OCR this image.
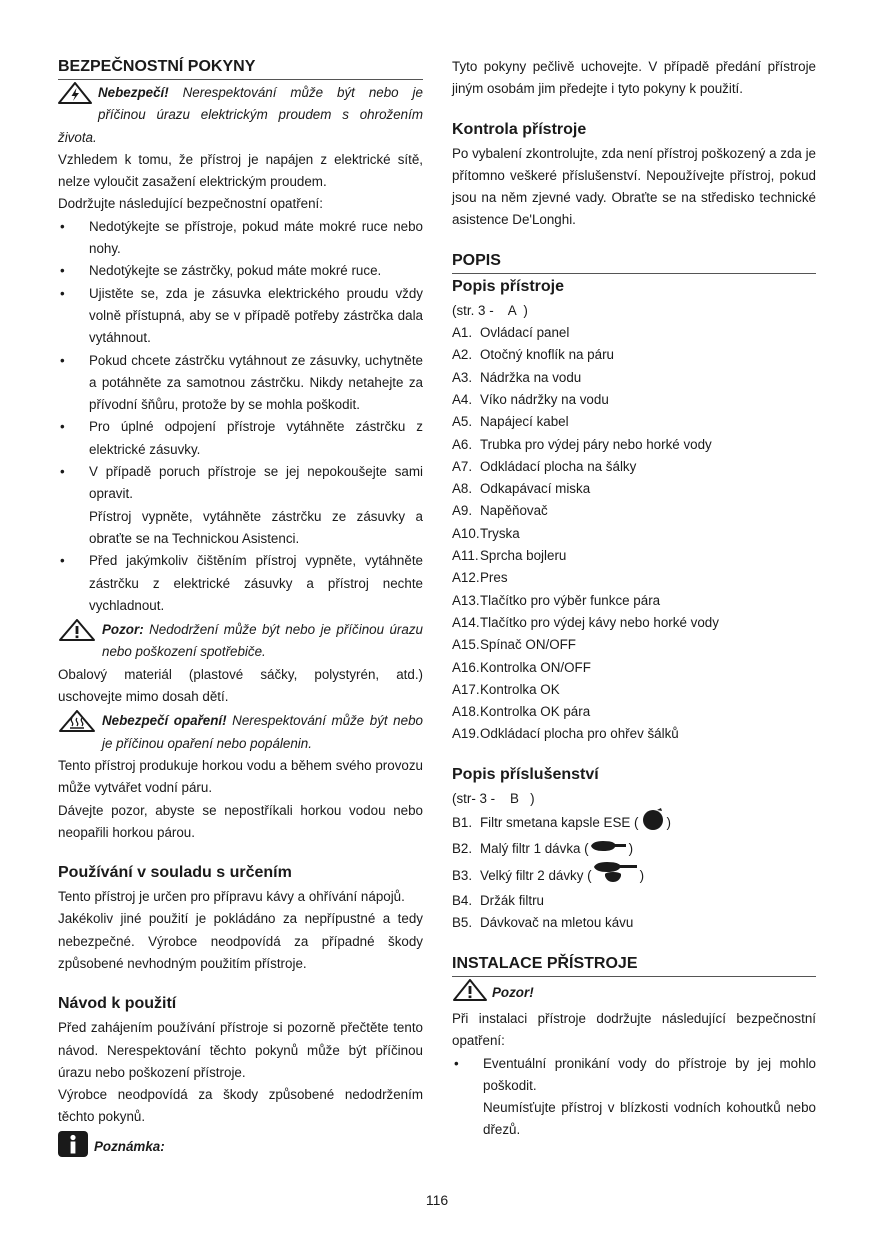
BEZPEČNOSTNÍ POKYNY

Nebezpečí! Nerespektování může být nebo je příčinou úrazu elektrickým proudem s ohrožením života.

Vzhledem k tomu, že přístroj je napájen z elektrické sítě, nelze vyloučit zasažení elektrickým proudem.

Dodržujte následující bezpečnostní opatření:

• Nedotýkejte se přístroje, pokud máte mokré ruce nebo nohy.
• Nedotýkejte se zástrčky, pokud máte mokré ruce.
• Ujistěte se, zda je zásuvka elektrického proudu vždy volně přístupná, aby se v případě potřeby zástrčka dala vytáhnout.
• Pokud chcete zástrčku vytáhnout ze zásuvky, uchytněte a potáhněte za samotnou zástrčku. Nikdy netahejte za přívodní šňůru, protože by se mohla poškodit.
• Pro úplné odpojení přístroje vytáhněte zástrčku z elektrické zásuvky.
• V případě poruch přístroje se jej nepokoušejte sami opravit.
Přístroj vypněte, vytáhněte zástrčku ze zásuvky a obraťte se na Technickou Asistenci.
• Před jakýmkoliv čištěním přístroj vypněte, vytáhněte zástrčku z elektrické zásuvky a přístroj nechte vychladnout.

Pozor: Nedodržení může být nebo je příčinou úrazu nebo poškození spotřebiče.

Obalový materiál (plastové sáčky, polystyrén, atd.) uschovejte mimo dosah dětí.

Nebezpečí opaření! Nerespektování může být nebo je příčinou opaření nebo popálenin.

Tento přístroj produkuje horkou vodu a během svého provozu může vytvářet vodní páru.

Dávejte pozor, abyste se nepostříkali horkou vodou nebo neopařili horkou párou.

Používání v souladu s určením

Tento přístroj je určen pro přípravu kávy a ohřívání nápojů.

Jakékoliv jiné použití je pokládáno za nepřípustné a tedy nebezpečné. Výrobce neodpovídá za případné škody způsobené nevhodným použitím přístroje.

Návod k použití

Před zahájením používání přístroje si pozorně přečtěte tento návod. Nerespektování těchto pokynů může být příčinou úrazu nebo poškození přístroje.

Výrobce neodpovídá za škody způsobené nedodržením těchto pokynů.

Poznámka:

Tyto pokyny pečlivě uchovejte. V případě předání přístroje jiným osobám jim předejte i tyto pokyny k použití.

Kontrola přístroje

Po vybalení zkontrolujte, zda není přístroj poškozený a zda je přítomno veškeré příslušenství. Nepoužívejte přístroj, pokud jsou na něm zjevné vady. Obraťte se na středisko technické asistence De'Longhi.

POPIS
Popis přístroje
(str. 3 -    A  )
A1. Ovládací panel
A2. Otočný knoflík na páru
A3. Nádržka na vodu
A4. Víko nádržky na vodu
A5. Napájecí kabel
A6. Trubka pro výdej páry nebo horké vody
A7. Odkládací plocha na šálky
A8. Odkapávací miska
A9. Napěňovač
A10. Tryska
A11. Sprcha bojleru
A12. Pres
A13. Tlačítko pro výběr funkce pára
A14. Tlačítko pro výdej kávy nebo horké vody
A15. Spínač ON/OFF
A16. Kontrolka ON/OFF
A17. Kontrolka OK
A18. Kontrolka OK pára
A19. Odkládací plocha pro ohřev šálků
Popis příslušenství
(str- 3 -    B   )
B1. Filtr smetana kapsle ESE ( )
B2. Malý filtr 1 dávka (	)
B3. Velký filtr 2 dávky (	)
B4. Držák filtru
B5. Dávkovač na mletou kávu
INSTALACE PŘÍSTROJE
Pozor!

Při instalaci přístroje dodržujte následující bezpečnostní opatření:

• Eventuální pronikání vody do přístroje by jej mohlo poškodit.
Neumísťujte přístroj v blízkosti vodních kohoutků nebo dřezů.
116
